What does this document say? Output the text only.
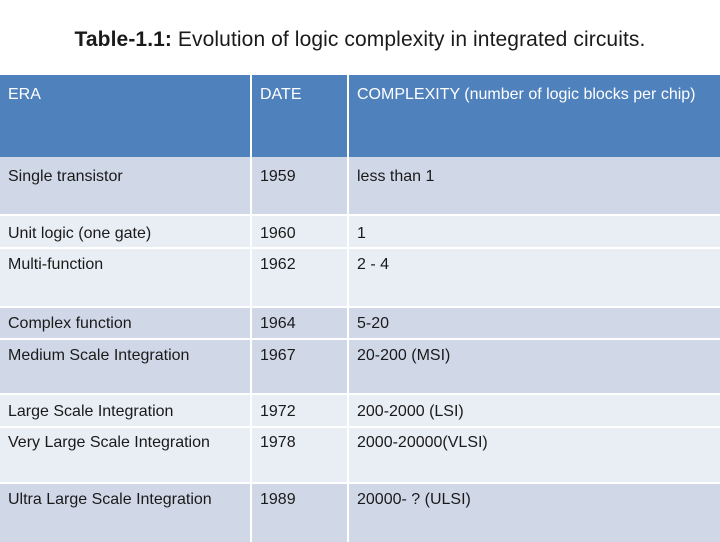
Table-1.1: Evolution of logic complexity in integrated circuits.
ERA	DATE	COMPLEXITY (number of logic blocks per chip)
Single transistor	1959	less than 1
Unit logic (one gate)	1960	1
Multi-function	1962	2 - 4
Complex function	1964	5-20
Medium Scale Integration	1967	20-200 (MSI)
Large Scale Integration	1972	200-2000 (LSI)
Very Large Scale Integration	1978	2000-20000(VLSI)
Ultra Large Scale Integration	1989	20000- ? (ULSI)
